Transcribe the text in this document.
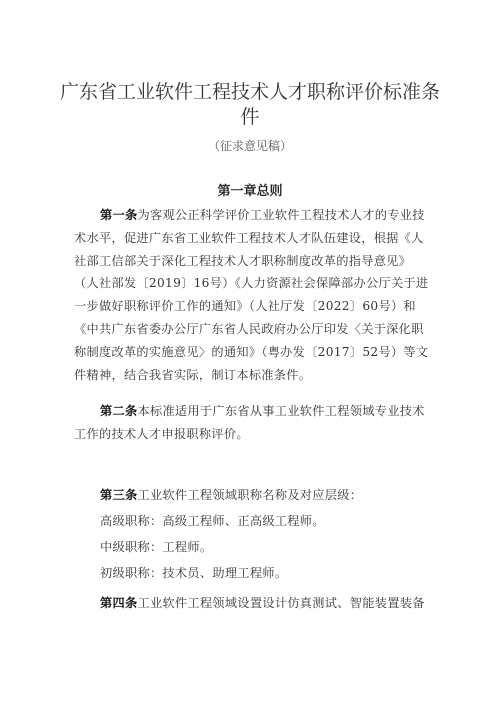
广东省工业软件工程技术人才职称评价标准条件
（征求意见稿）
第一章总则
第一条为客观公正科学评价工业软件工程技术人才的专业技术水平，促进广东省工业软件工程技术人才队伍建设，根据《人社部工信部关于深化工程技术人才职称制度改革的指导意见》（人社部发〔2019〕16号）《人力资源社会保障部办公厅关于进一步做好职称评价工作的通知》（人社厅发〔2022〕60号）和《中共广东省委办公厅广东省人民政府办公厅印发〈关于深化职称制度改革的实施意见〉的通知》（粤办发〔2017〕52号）等文件精神，结合我省实际，制订本标准条件。
第二条本标准适用于广东省从事工业软件工程领域专业技术工作的技术人才申报职称评价。
第三条工业软件工程领域职称名称及对应层级：
高级职称：高级工程师、正高级工程师。
中级职称：工程师。
初级职称：技术员、助理工程师。
第四条工业软件工程领域设置设计仿真测试、智能装置装备
